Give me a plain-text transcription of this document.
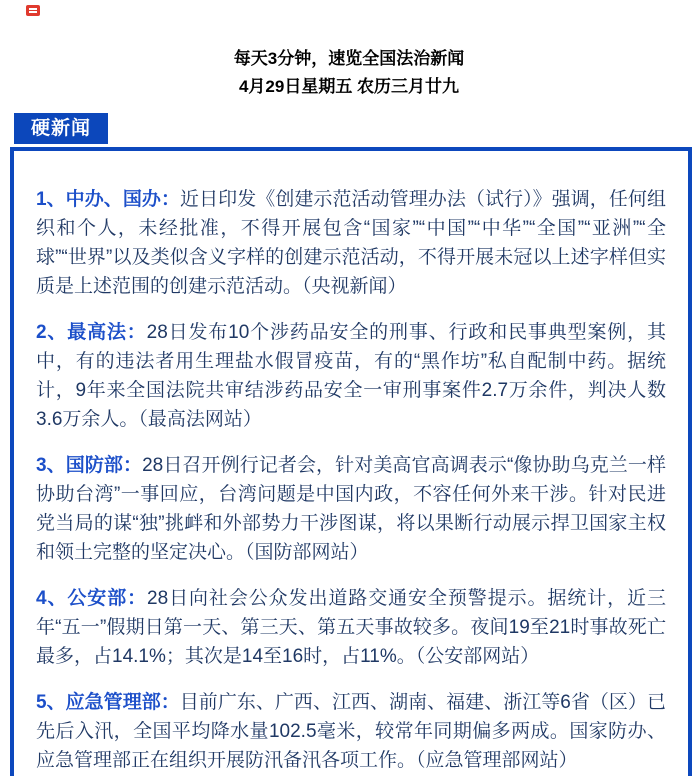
每天3分钟，速览全国法治新闻
4月29日星期五 农历三月廿九
硬新闻

1、中办、国办：近日印发《创建示范活动管理办法（试行）》强调，任何组织和个人，未经批准，不得开展包含“国家”“中国”“中华”“全国”“亚洲”“全球”“世界”以及类似含义字样的创建示范活动，不得开展未冠以上述字样但实质是上述范围的创建示范活动。（央视新闻）

2、最高法：28日发布10个涉药品安全的刑事、行政和民事典型案例，其中，有的违法者用生理盐水假冒疫苗，有的“黑作坊”私自配制中药。据统计，9年来全国法院共审结涉药品安全一审刑事案件2.7万余件，判决人数3.6万余人。（最高法网站）

3、国防部：28日召开例行记者会，针对美高官高调表示“像协助乌克兰一样协助台湾”一事回应，台湾问题是中国内政，不容任何外来干涉。针对民进党当局的谋“独”挑衅和外部势力干涉图谋，将以果断行动展示捍卫国家主权和领土完整的坚定决心。（国防部网站）

4、公安部：28日向社会公众发出道路交通安全预警提示。据统计，近三年“五一”假期日第一天、第三天、第五天事故较多。夜间19至21时事故死亡最多，占14.1%；其次是14至16时，占11%。（公安部网站）

5、应急管理部：目前广东、广西、江西、湖南、福建、浙江等6省（区）已先后入汛，全国平均降水量102.5毫米，较常年同期偏多两成。国家防办、应急管理部正在组织开展防汛备汛各项工作。（应急管理部网站）
